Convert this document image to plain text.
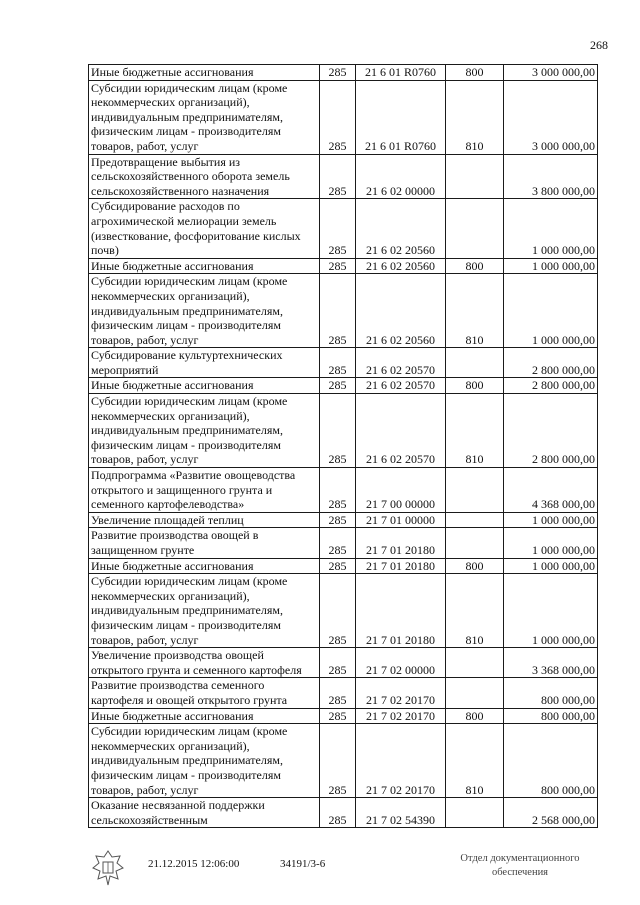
268
Иные бюджетные ассигнования	285	21 6 01 R0760	800	3 000 000,00
Субсидии юридическим лицам (кроме некоммерческих организаций), индивидуальным предпринимателям, физическим лицам - производителям товаров, работ, услуг	285	21 6 01 R0760	810	3 000 000,00
Предотвращение выбытия из сельскохозяйственного оборота земель сельскохозяйственного назначения	285	21 6 02 00000		3 800 000,00
Субсидирование расходов по агрохимической мелиорации земель (известкование, фосфоритование кислых почв)	285	21 6 02 20560		1 000 000,00
Иные бюджетные ассигнования	285	21 6 02 20560	800	1 000 000,00
Субсидии юридическим лицам (кроме некоммерческих организаций), индивидуальным предпринимателям, физическим лицам - производителям товаров, работ, услуг	285	21 6 02 20560	810	1 000 000,00
Субсидирование культуртехнических мероприятий	285	21 6 02 20570		2 800 000,00
Иные бюджетные ассигнования	285	21 6 02 20570	800	2 800 000,00
Субсидии юридическим лицам (кроме некоммерческих организаций), индивидуальным предпринимателям, физическим лицам - производителям товаров, работ, услуг	285	21 6 02 20570	810	2 800 000,00
Подпрограмма «Развитие овощеводства открытого и защищенного грунта и семенного картофелеводства»	285	21 7 00 00000		4 368 000,00
Увеличение площадей теплиц	285	21 7 01 00000		1 000 000,00
Развитие производства овощей в защищенном грунте	285	21 7 01 20180		1 000 000,00
Иные бюджетные ассигнования	285	21 7 01 20180	800	1 000 000,00
Субсидии юридическим лицам (кроме некоммерческих организаций), индивидуальным предпринимателям, физическим лицам - производителям товаров, работ, услуг	285	21 7 01 20180	810	1 000 000,00
Увеличение производства овощей открытого грунта и семенного картофеля	285	21 7 02 00000		3 368 000,00
Развитие производства семенного картофеля и овощей открытого грунта	285	21 7 02 20170		800 000,00
Иные бюджетные ассигнования	285	21 7 02 20170	800	800 000,00
Субсидии юридическим лицам (кроме некоммерческих организаций), индивидуальным предпринимателям, физическим лицам - производителям товаров, работ, услуг	285	21 7 02 20170	810	800 000,00
Оказание несвязанной поддержки сельскохозяйственным	285	21 7 02 54390		2 568 000,00
21.12.2015 12:06:00	34191/3-6	Отдел документационного
обеспечения
